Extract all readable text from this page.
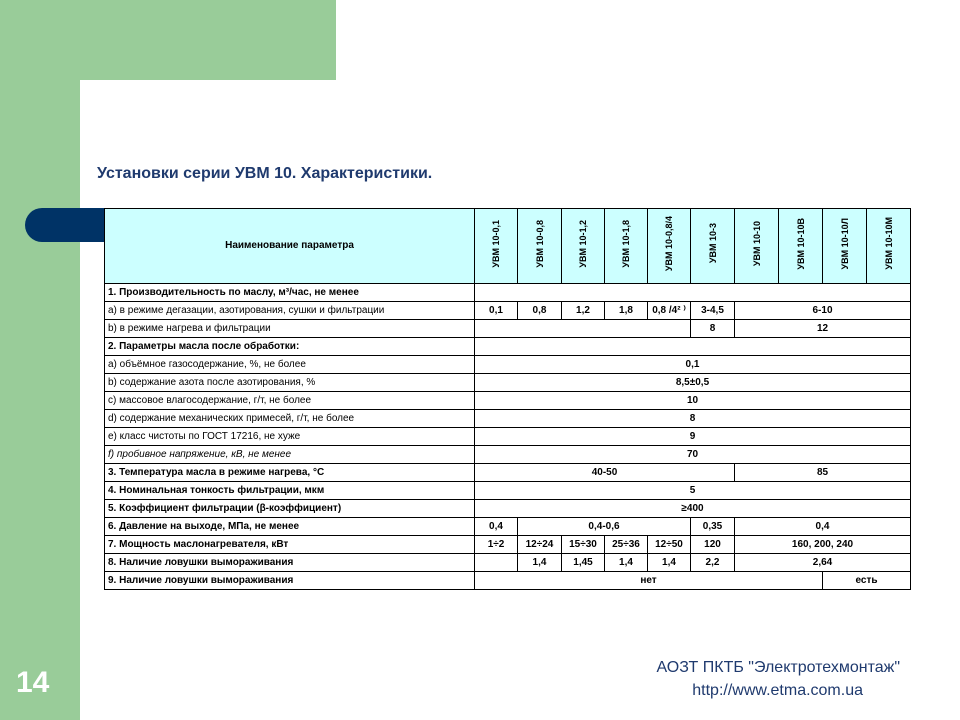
Установки серии УВМ 10. Характеристики.
Наименование параметра	УВМ 10-0,1	УВМ 10-0,8	УВМ 10-1,2	УВМ 10-1,8	УВМ 10-0,8/4	УВМ 10-3	УВМ 10-10	УВМ 10-10В	УВМ 10-10Л	УВМ 10-10М
1. Производительность по маслу, м³/час, не менее										
a) в режиме дегазации, азотирования, сушки и фильтрации	0,1	0,8	1,2	1,8	0,8 /4² ⁾	3-4,5	6-10			
b) в режиме нагрева и фильтрации						8	12			
2. Параметры масла после обработки:										
a) объёмное газосодержание, %, не более	0,1									
b) содержание азота после азотирования, %	8,5±0,5									
c) массовое влагосодержание, г/т, не более	10									
d) содержание механических примесей, г/т, не более	8									
e) класс чистоты по ГОСТ 17216, не хуже	9									
f) пробивное напряжение, кВ, не менее	70									
3. Температура масла в режиме нагрева, °C	40-50						85			
4. Номинальная тонкость фильтрации, мкм	5									
5. Коэффициент фильтрации (β-коэффициент)	≥400									
6. Давление на выходе, МПа, не менее	0,4	0,4-0,6				0,35	0,4			
7. Мощность маслонагревателя, кВт	1÷2	12÷24	15÷30	25÷36	12÷50	120	160, 200, 240			
8. Наличие ловушки вымораживания		1,4	1,45	1,4	1,4	2,2	2,64			
9. Наличие ловушки вымораживания	нет								есть	
14	АОЗТ ПКТБ "Электротехмонтаж"
http://www.etma.com.ua
